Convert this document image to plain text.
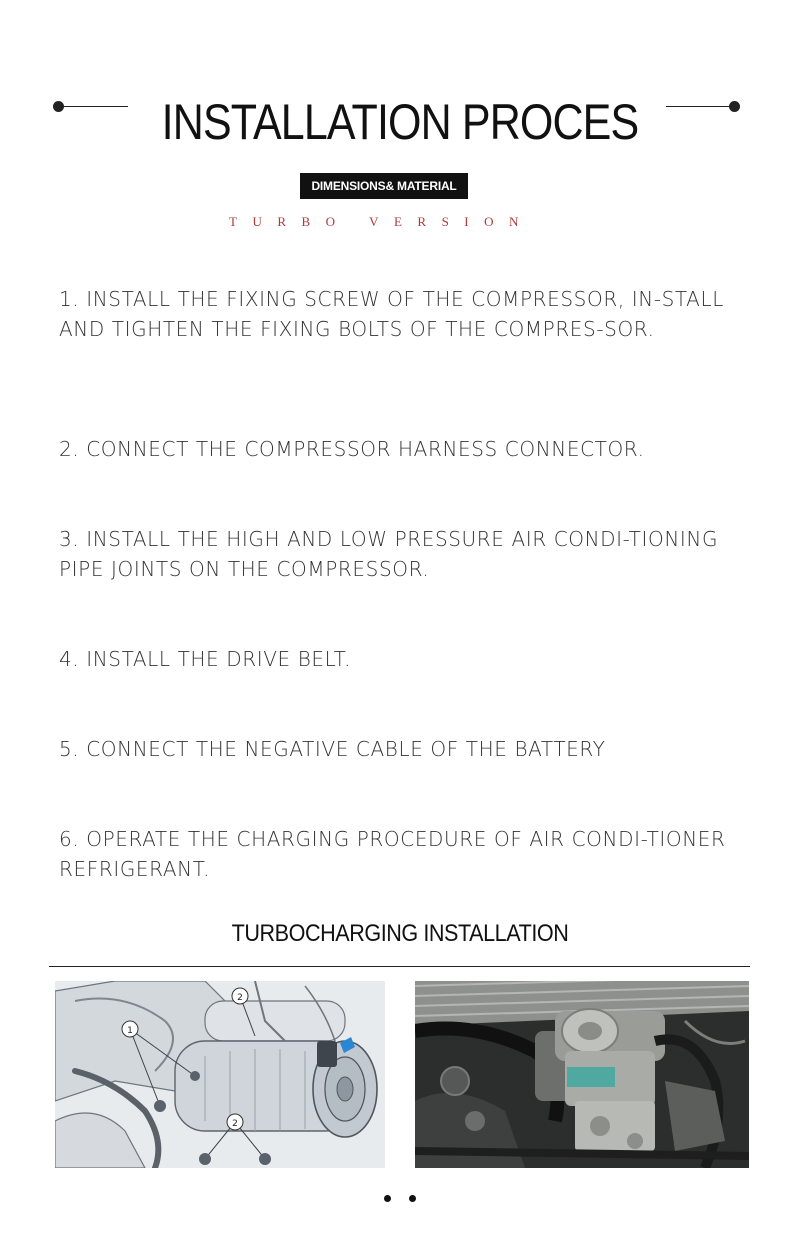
INSTALLATION PROCES
DIMENSIONS& MATERIAL
TURBO VERSION
1. INSTALL THE FIXING SCREW OF THE COMPRESSOR, IN-STALL AND TIGHTEN THE FIXING BOLTS OF THE COMPRES-SOR.
2. CONNECT THE COMPRESSOR HARNESS CONNECTOR.
3. INSTALL THE HIGH AND LOW PRESSURE AIR CONDI-TIONING PIPE JOINTS ON THE COMPRESSOR.
4. INSTALL THE DRIVE BELT.
5. CONNECT THE NEGATIVE CABLE OF THE BATTERY
6. OPERATE THE CHARGING PROCEDURE OF AIR CONDI-TIONER REFRIGERANT.
TURBOCHARGING INSTALLATION
1
2
2
